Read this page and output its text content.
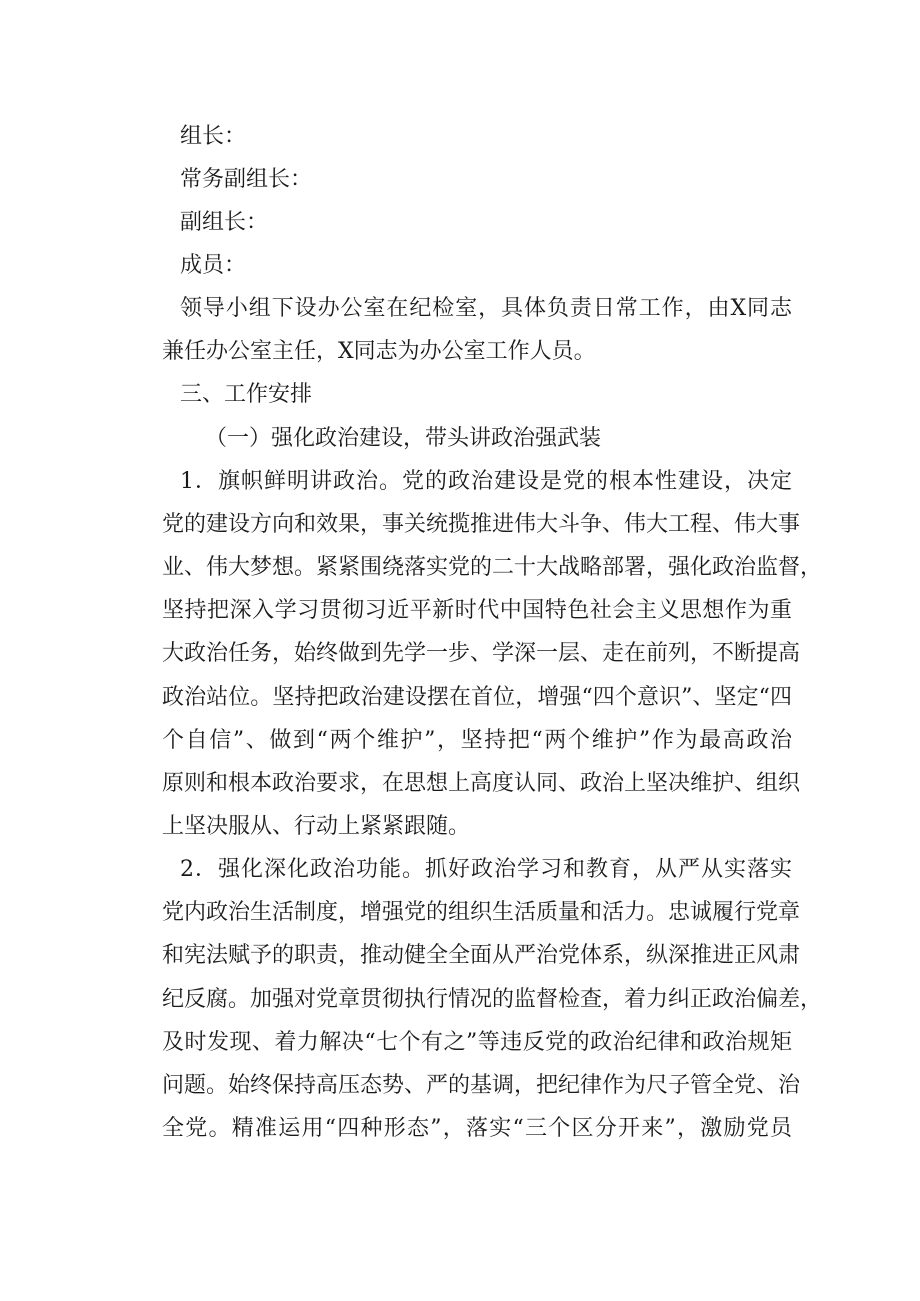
组长：
常务副组长：
副组长：
成员：
领导小组下设办公室在纪检室，具体负责日常工作，由X同志
兼任办公室主任，X同志为办公室工作人员。
三、工作安排
（一）强化政治建设，带头讲政治强武装
1．旗帜鲜明讲政治。党的政治建设是党的根本性建设，决定
党的建设方向和效果，事关统揽推进伟大斗争、伟大工程、伟大事
业、伟大梦想。紧紧围绕落实党的二十大战略部署，强化政治监督，
坚持把深入学习贯彻习近平新时代中国特色社会主义思想作为重
大政治任务，始终做到先学一步、学深一层、走在前列，不断提高
政治站位。坚持把政治建设摆在首位，增强“四个意识”、坚定“四
个自信”、做到“两个维护”，坚持把“两个维护”作为最高政治
原则和根本政治要求，在思想上高度认同、政治上坚决维护、组织
上坚决服从、行动上紧紧跟随。
2．强化深化政治功能。抓好政治学习和教育，从严从实落实
党内政治生活制度，增强党的组织生活质量和活力。忠诚履行党章
和宪法赋予的职责，推动健全全面从严治党体系，纵深推进正风肃
纪反腐。加强对党章贯彻执行情况的监督检查，着力纠正政治偏差，
及时发现、着力解决“七个有之”等违反党的政治纪律和政治规矩
问题。始终保持高压态势、严的基调，把纪律作为尺子管全党、治
全党。精准运用“四种形态”，落实“三个区分开来”，激励党员
